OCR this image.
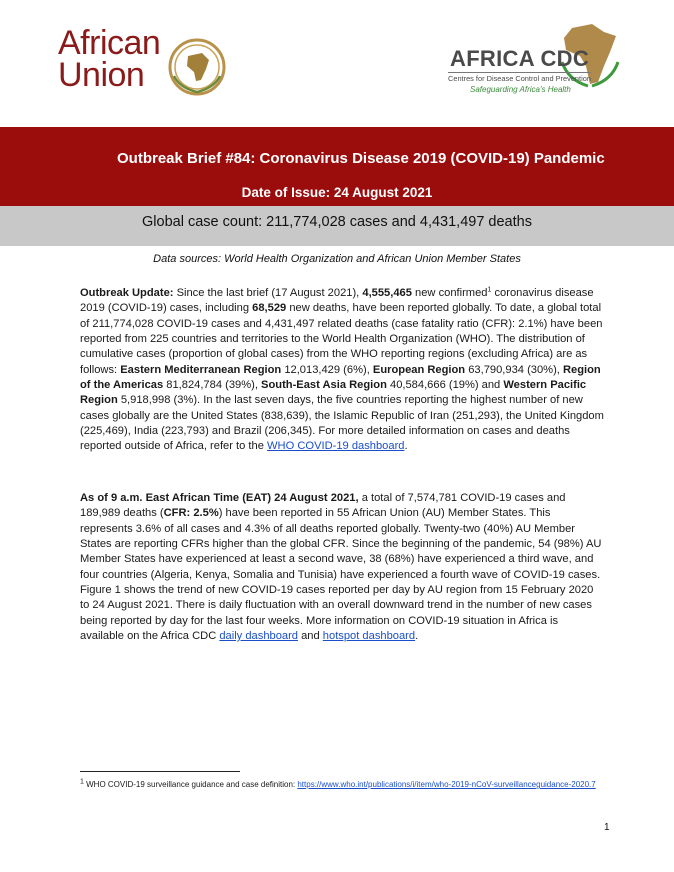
African
Union	AFRICA CDC
Centres for Disease Control and Prevention
Safeguarding Africa's Health
Outbreak Brief #84: Coronavirus Disease 2019 (COVID-19) Pandemic
Date of Issue: 24 August 2021
Global case count: 211,774,028 cases and 4,431,497 deaths
Data sources: World Health Organization and African Union Member States
Outbreak Update: Since the last brief (17 August 2021), 4,555,465 new confirmed$^1$ coronavirus disease 2019 (COVID-19) cases, including 68,529 new deaths, have been reported globally. To date, a global total of 211,774,028 COVID-19 cases and 4,431,497 related deaths (case fatality ratio (CFR): 2.1%) have been reported from 225 countries and territories to the World Health Organization (WHO). The distribution of cumulative cases (proportion of global cases) from the WHO reporting regions (excluding Africa) are as follows: Eastern Mediterranean Region 12,013,429 (6%), European Region 63,790,934 (30%), Region of the Americas 81,824,784 (39%), South-East Asia Region 40,584,666 (19%) and Western Pacific Region 5,918,998 (3%). In the last seven days, the five countries reporting the highest number of new cases globally are the United States (838,639), the Islamic Republic of Iran (251,293), the United Kingdom (225,469), India (223,793) and Brazil (206,345). For more detailed information on cases and deaths reported outside of Africa, refer to the WHO COVID-19 dashboard.
As of 9 a.m. East African Time (EAT) 24 August 2021, a total of 7,574,781 COVID-19 cases and 189,989 deaths (CFR: 2.5%) have been reported in 55 African Union (AU) Member States. This represents 3.6% of all cases and 4.3% of all deaths reported globally. Twenty-two (40%) AU Member States are reporting CFRs higher than the global CFR. Since the beginning of the pandemic, 54 (98%) AU Member States have experienced at least a second wave, 38 (68%) have experienced a third wave, and four countries (Algeria, Kenya, Somalia and Tunisia) have experienced a fourth wave of COVID-19 cases. Figure 1 shows the trend of new COVID-19 cases reported per day by AU region from 15 February 2020 to 24 August 2021. There is daily fluctuation with an overall downward trend in the number of new cases being reported by day for the last four weeks. More information on COVID-19 situation in Africa is available on the Africa CDC daily dashboard and hotspot dashboard.
$^1$ WHO COVID-19 surveillance guidance and case definition: https://www.who.int/publications/i/item/who-2019-nCoV-surveillanceguidance-2020.7
1
